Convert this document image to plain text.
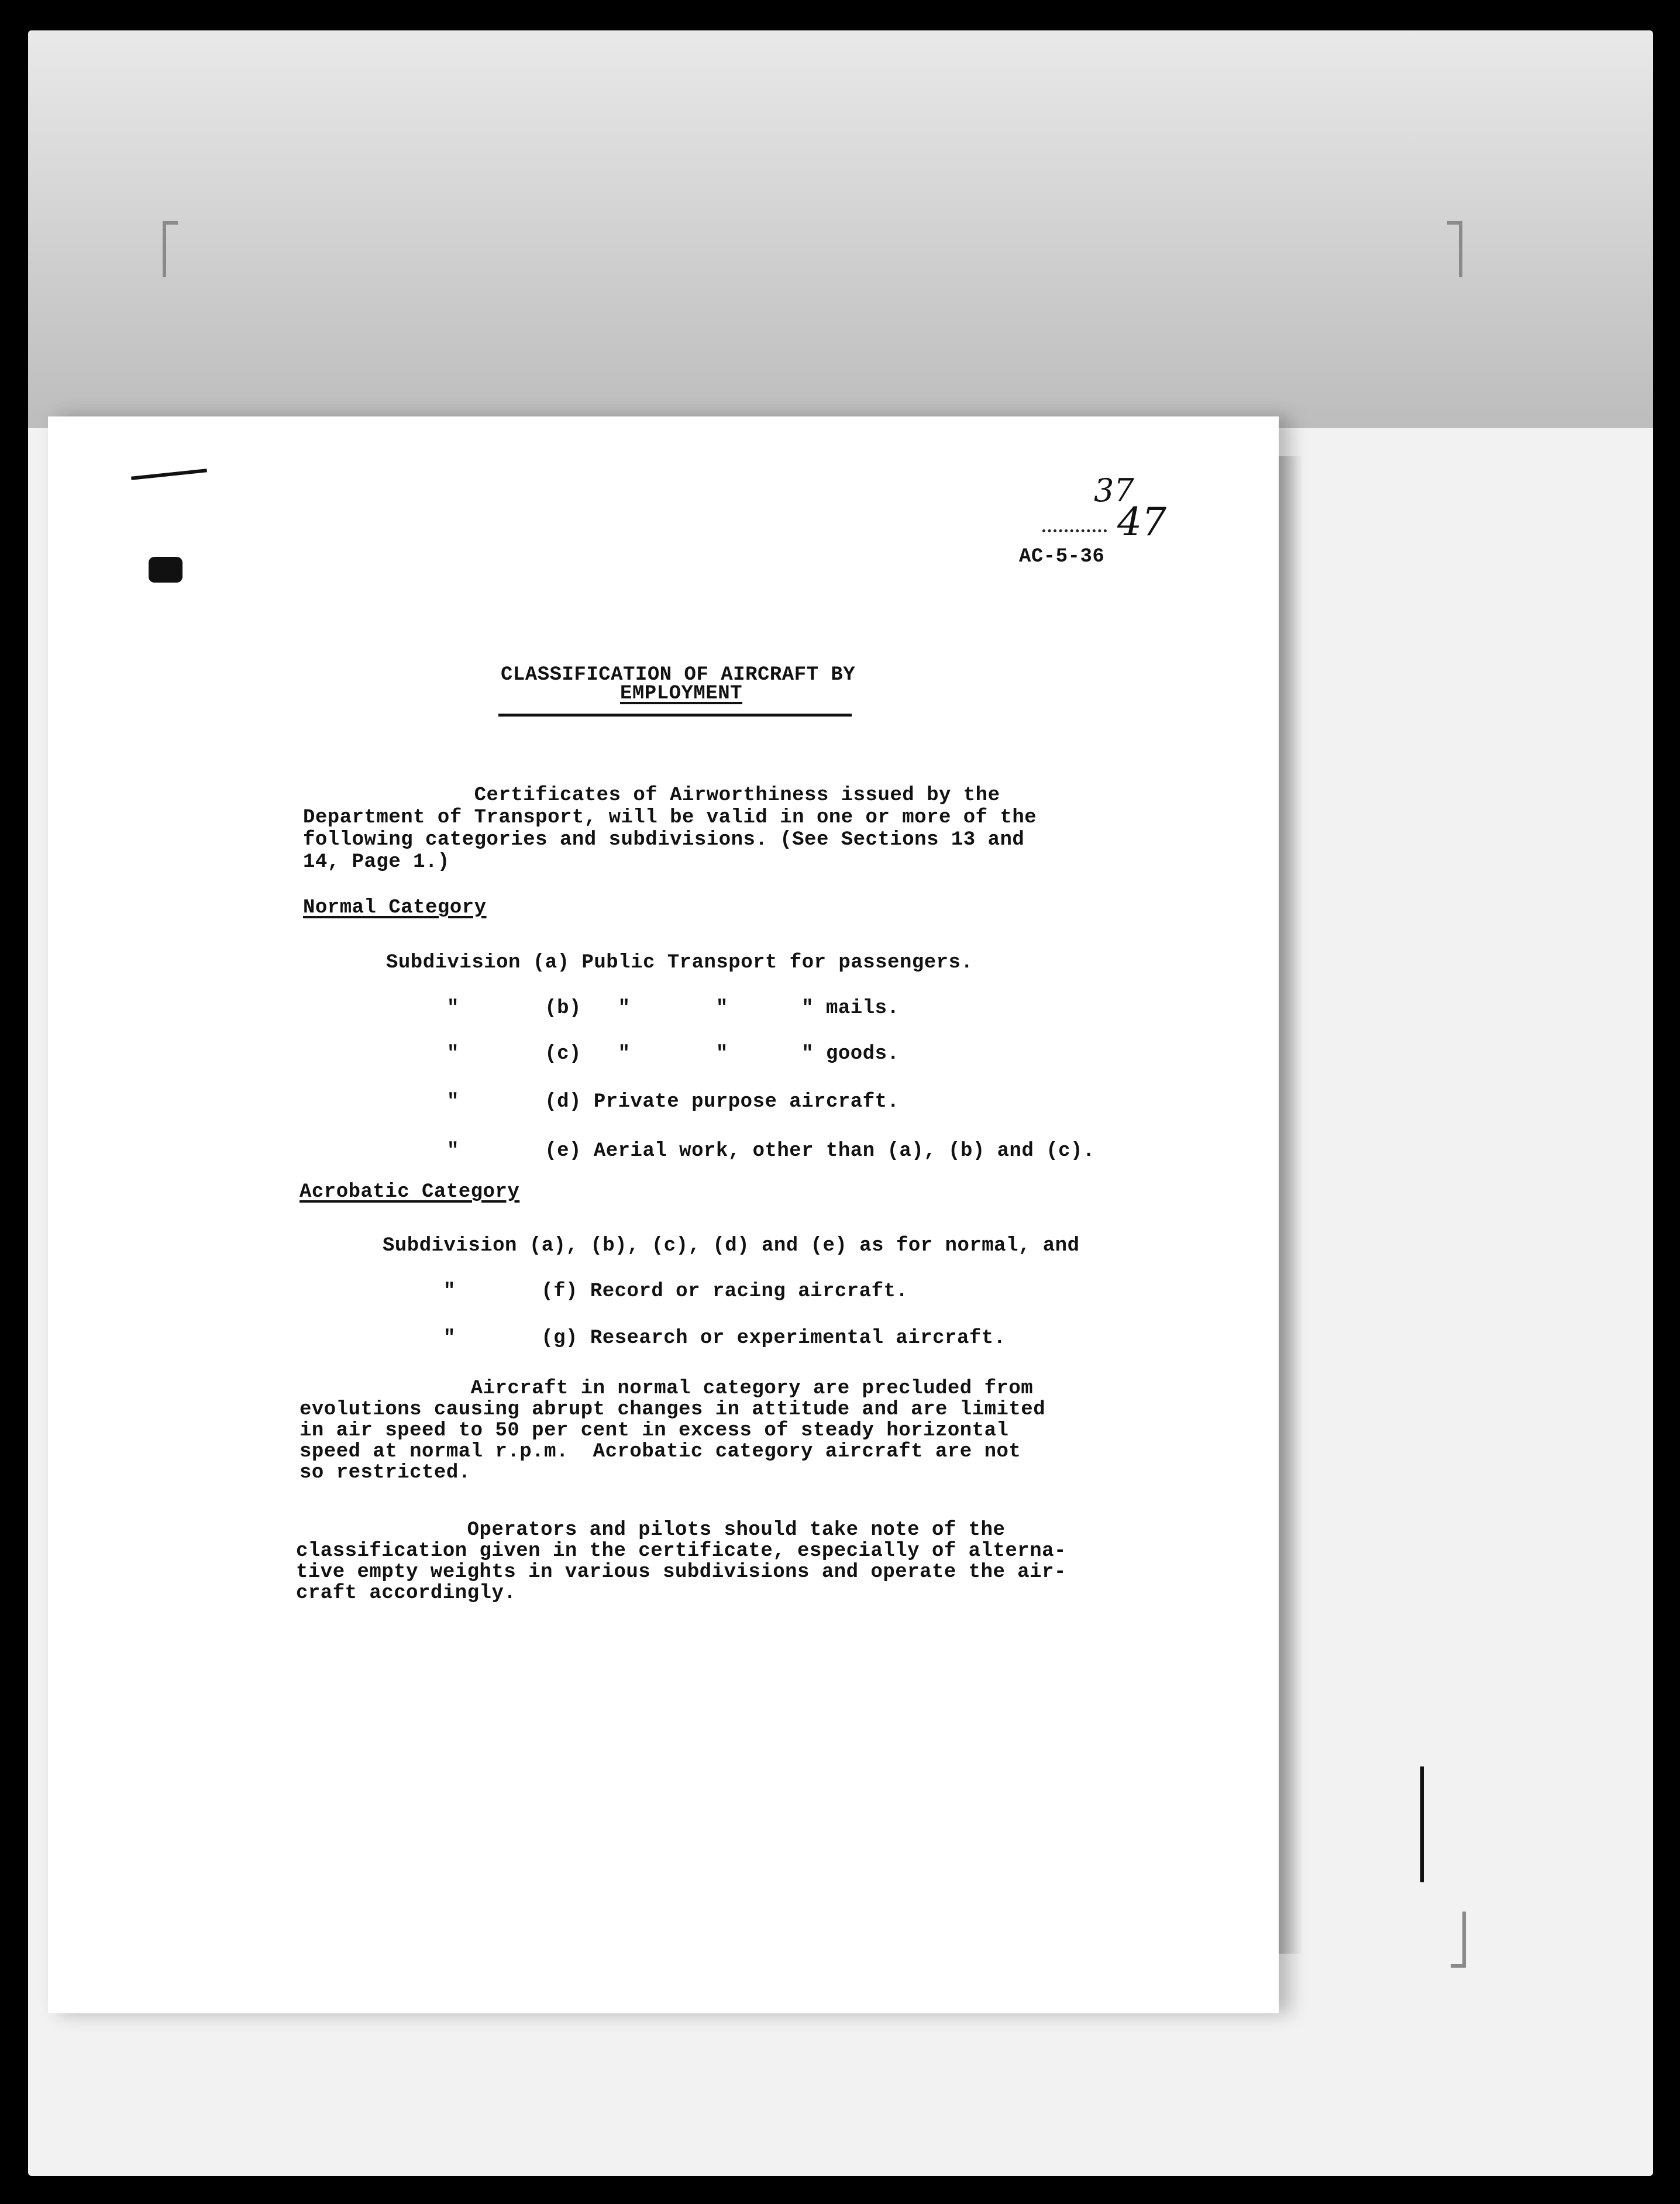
37
47
AC-5-36
CLASSIFICATION OF AIRCRAFT BY
EMPLOYMENT
Certificates of Airworthiness issued by the
Department of Transport, will be valid in one or more of the
following categories and subdivisions. (See Sections 13 and
14, Page 1.)
Normal Category
Subdivision (a) Public Transport for passengers.
"       (b)   "       "      " mails.
"       (c)   "       "      " goods.
"       (d) Private purpose aircraft.
"       (e) Aerial work, other than (a), (b) and (c).
Acrobatic Category
Subdivision (a), (b), (c), (d) and (e) as for normal, and
"       (f) Record or racing aircraft.
"       (g) Research or experimental aircraft.
Aircraft in normal category are precluded from
evolutions causing abrupt changes in attitude and are limited
in air speed to 50 per cent in excess of steady horizontal
speed at normal r.p.m.  Acrobatic category aircraft are not
so restricted.
Operators and pilots should take note of the
classification given in the certificate, especially of alterna-
tive empty weights in various subdivisions and operate the air-
craft accordingly.
